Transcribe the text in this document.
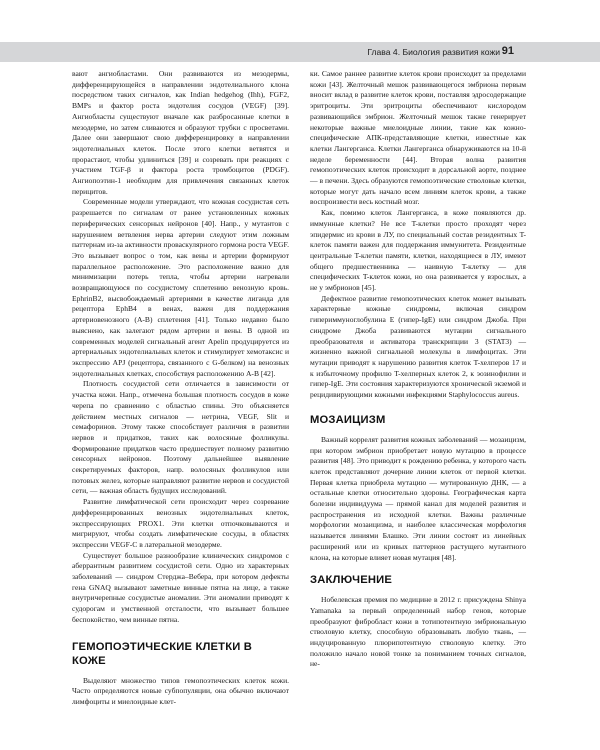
Глава 4. Биология развития кожи 91

вают ангиобластами. Они развиваются из мезодермы, дифференцирующейся в направлении эндотелиального клона посредством таких сигналов, как Indian hedgehog (Ihh), FGF2, BMPs и фактор роста эндотелия сосудов (VEGF) [39]. Ангиобласты существуют вначале как разбросанные клетки в мезодерме, но затем сливаются и образуют трубки с просветами. Далее они завершают свою дифференцировку в направлении эндотелиальных клеток. После этого клетки ветвятся и прорастают, чтобы удлиниться [39] и созревать при реакциях с участием TGF-β и фактора роста тромбоцитов (PDGF). Ангиопоэтин-1 необходим для привлечения связанных клеток перицитов.

Современные модели утверждают, что кожная сосудистая сеть разрешается по сигналам от ранее установленных кожных периферических сенсорных нейронов [40]. Напр., у мутантов с нарушением ветвления нерва артерии следуют этим ложным паттернам из-за активности проваскулярного гормона роста VEGF. Это вызывает вопрос о том, как вены и артерии формируют параллельное расположение. Это расположение важно для минимизации потерь тепла, чтобы артерии нагревали возвращающуюся по сосудистому сплетению венозную кровь. EphrinB2, высвобождаемый артериями в качестве лиганда для рецептора EphB4 в венах, важен для поддержания артериовенозного (A-B) сплетения [41]. Только недавно было выяснено, как залегают рядом артерии и вены. В одной из современных моделей сигнальный агент Apelin продуцируется из артериальных эндотелиальных клеток и стимулирует хемотаксис и экспрессию APJ (рецептора, связанного с G-белком) на венозных эндотелиальных клетках, способствуя расположению A-B [42].

Плотность сосудистой сети отличается в зависимости от участка кожи. Напр., отмечена большая плотность сосудов в коже черепа по сравнению с областью спины. Это объясняется действием местных сигналов — нетрина, VEGF, Slit и семафоринов. Этому также способствует различия в развитии нервов и придатков, таких как волосяные фолликулы. Формирование придатков часто предшествует полному развитию сенсорных нейронов. Поэтому дальнейшее выявление секретируемых факторов, напр. волосяных фолликулов или потовых желез, которые направляют развитие нервов и сосудистой сети, — важная область будущих исследований.

Развитие лимфатической сети происходит через созревание дифференцированных венозных эндотелиальных клеток, экспрессирующих PROX1. Эти клетки отпочковываются и мигрируют, чтобы создать лимфатические сосуды, в областях экспрессии VEGF-C в латеральной мезодерме.

Существует большое разнообразие клинических синдромов с аберрантным развитием сосудистой сети. Одно из характерных заболеваний — синдром Стерджа–Вебера, при котором дефекты гена GNAQ вызывают заметные винные пятна на лице, а также внутричерепные сосудистые аномалии. Эти аномалии приводят к судорогам и умственной отсталости, что вызывает большее беспокойство, чем винные пятна.

ГЕМОПОЭТИЧЕСКИЕ КЛЕТКИ В КОЖЕ

Выделяют множество типов гемопоэтических клеток кожи. Часто определяются новые субпопуляции, она обычно включают лимфоциты и миелоидные клет-

ки. Самое раннее развитие клеток крови происходит за пределами кожи [43]. Желточный мешок развивающегося эмбриона первым вносит вклад в развитие клеток крови, поставляя эдросодержащие эритроциты. Эти эритроциты обеспечивают кислородом развивающийся эмбрион. Желточный мешок также генерирует некоторые важные миелоидные линии, такие как кожно-специфические АПК-представляющие клетки, известные как клетки Лангерганса. Клетки Лангерганса обнаруживаются на 10-й неделе беременности [44]. Вторая волна развития гемопоэтических клеток происходит в дорсальной аорте, позднее — в печени. Здесь образуются гемопоэтические стволовые клетки, которые могут дать начало всем линиям клеток крови, а также воспроизвести весь костный мозг.

Как, помимо клеток Лангерганса, в коже появляются др. иммунные клетки? Не все T-клетки просто проходят через эпидермис из крови в ЛУ, по специальный состав резидентных T-клеток памяти важен для поддержания иммунитета. Резидентные центральные T-клетки памяти, клетки, находящиеся в ЛУ, имеют общего предшественника — наивную T-клетку — для специфических T-клеток кожи, но она развивается у взрослых, а не у эмбрионов [45].

Дефектное развитие гемопоэтических клеток может вызывать характерные кожные синдромы, включая синдром гипериммуноглобулина E (гипер-IgE) или синдром Джоба. При синдроме Джоба развиваются мутации сигнального преобразователя и активатора транскрипции 3 (STAT3) — жизненно важной сигнальной молекулы в лимфоцитах. Эти мутации приводят к нарушению развития клеток T-хелперов 17 и к избыточному профилю T-хелперных клеток 2, к эозинофилии и гипер-IgE. Эти состояния характеризуются хронической экземой и рецидивирующими кожными инфекциями Staphylococcus aureus.

МОЗАИЦИЗМ

Важный коррелят развития кожных заболеваний — мозаицизм, при котором эмбрион приобретает новую мутацию в процессе развития [48]. Это приводит к рождению ребенка, у которого часть клеток представляют дочерние линии клеток от первой клетки. Первая клетка приобрела мутацию — мутированную ДНК, — а остальные клетки относительно здоровы. Географическая карта болезни индивидуума — прямой канал для моделей развития и распространения из исходной клетки. Важны различные морфологии мозаицизма, и наиболее классическая морфология называется линиями Блашко. Эти линии состоят из линейных расширений или из кривых паттернов растущего мутантного клона, на которые влияет новая мутация [48].

ЗАКЛЮЧЕНИЕ

Нобелевская премия по медицине в 2012 г. присуждена Shinya Yamanaka за первый определенный набор генов, которые преобразуют фибробласт кожи в тотипотентную эмбриональную стволовую клетку, способную образовывать любую ткань, — индуцированную плюрипотентную стволовую клетку. Это положило начало новой тонке за пониманием точных сигналов, не-
